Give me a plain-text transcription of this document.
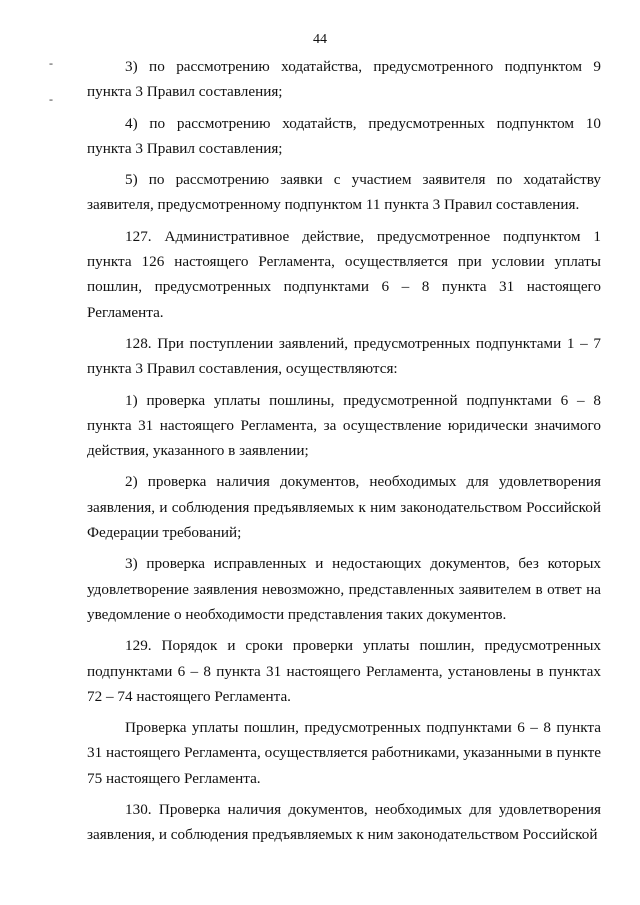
44
-
-

3) по рассмотрению ходатайства, предусмотренного подпунктом 9 пункта 3 Правил составления;

4) по рассмотрению ходатайств, предусмотренных подпунктом 10 пункта 3 Правил составления;

5) по рассмотрению заявки с участием заявителя по ходатайству заявителя, предусмотренному подпунктом 11 пункта 3 Правил составления.

127. Административное действие, предусмотренное подпунктом 1 пункта 126 настоящего Регламента, осуществляется при условии уплаты пошлин, предусмотренных подпунктами 6 – 8 пункта 31 настоящего Регламента.

128. При поступлении заявлений, предусмотренных подпунктами 1 – 7 пункта 3 Правил составления, осуществляются:

1) проверка уплаты пошлины, предусмотренной подпунктами 6 – 8 пункта 31 настоящего Регламента, за осуществление юридически значимого действия, указанного в заявлении;

2) проверка наличия документов, необходимых для удовлетворения заявления, и соблюдения предъявляемых к ним законодательством Российской Федерации требований;

3) проверка исправленных и недостающих документов, без которых удовлетворение заявления невозможно, представленных заявителем в ответ на уведомление о необходимости представления таких документов.

129. Порядок и сроки проверки уплаты пошлин, предусмотренных подпунктами 6 – 8 пункта 31 настоящего Регламента, установлены в пунктах 72 – 74 настоящего Регламента.

Проверка уплаты пошлин, предусмотренных подпунктами 6 – 8 пункта 31 настоящего Регламента, осуществляется работниками, указанными в пункте 75 настоящего Регламента.

130. Проверка наличия документов, необходимых для удовлетворения заявления, и соблюдения предъявляемых к ним законодательством Российской
